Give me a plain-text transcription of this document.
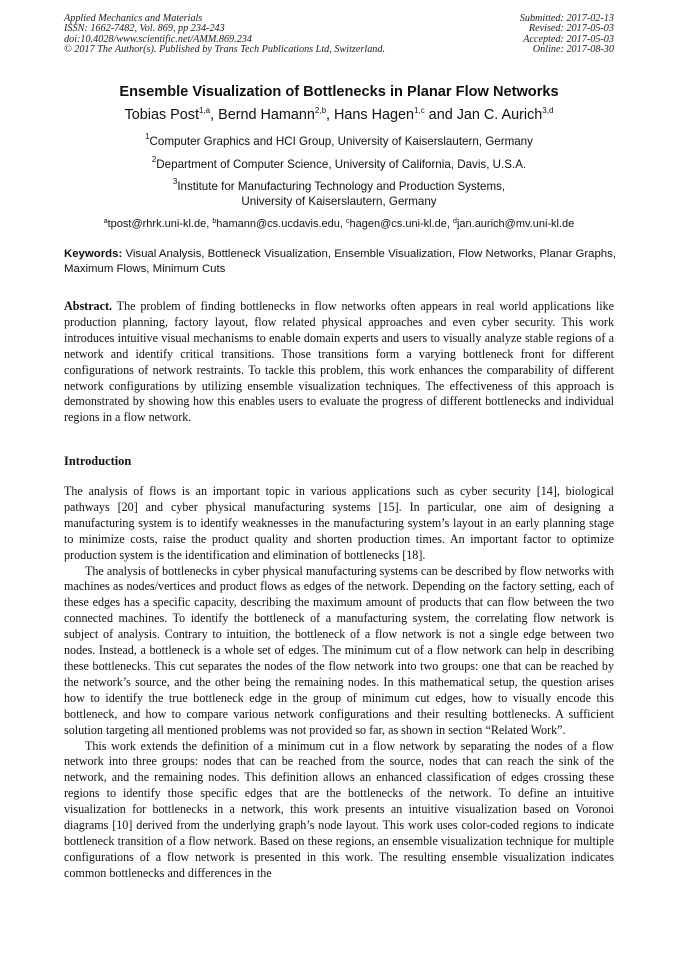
Applied Mechanics and Materials
ISSN: 1662-7482, Vol. 869, pp 234-243
doi:10.4028/www.scientific.net/AMM.869.234
© 2017 The Author(s). Published by Trans Tech Publications Ltd, Switzerland.
Submitted: 2017-02-13
Revised: 2017-05-03
Accepted: 2017-05-03
Online: 2017-08-30
Ensemble Visualization of Bottlenecks in Planar Flow Networks
Tobias Post$^{1,a}$, Bernd Hamann$^{2,b}$, Hans Hagen$^{1,c}$ and Jan C. Aurich$^{3,d}$
$^1$Computer Graphics and HCI Group, University of Kaiserslautern, Germany
$^2$Department of Computer Science, University of California, Davis, U.S.A.
$^3$Institute for Manufacturing Technology and Production Systems,
University of Kaiserslautern, Germany
$^a$tpost@rhrk.uni-kl.de, $^b$hamann@cs.ucdavis.edu, $^c$hagen@cs.uni-kl.de, $^d$jan.aurich@mv.uni-kl.de
Keywords: Visual Analysis, Bottleneck Visualization, Ensemble Visualization, Flow Networks, Planar Graphs, Maximum Flows, Minimum Cuts
Abstract. The problem of finding bottlenecks in flow networks often appears in real world applications like production planning, factory layout, flow related physical approaches and even cyber security. This work introduces intuitive visual mechanisms to enable domain experts and users to visually analyze stable regions of a network and identify critical transitions. Those transitions form a varying bottleneck front for different configurations of network restraints. To tackle this problem, this work enhances the comparability of different network configurations by utilizing ensemble visualization techniques. The effectiveness of this approach is demonstrated by showing how this enables users to evaluate the progress of different bottlenecks and individual regions in a flow network.
Introduction

The analysis of flows is an important topic in various applications such as cyber security [14], biological pathways [20] and cyber physical manufacturing systems [15]. In particular, one aim of designing a manufacturing system is to identify weaknesses in the manufacturing system’s layout in an early planning stage to minimize costs, raise the product quality and shorten production times. An important factor to optimize production system is the identification and elimination of bottlenecks [18].

The analysis of bottlenecks in cyber physical manufacturing systems can be described by flow networks with machines as nodes/vertices and product flows as edges of the network. Depending on the factory setting, each of these edges has a specific capacity, describing the maximum amount of products that can flow between the two connected machines. To identify the bottleneck of a manufacturing system, the correlating flow network is subject of analysis. Contrary to intuition, the bottleneck of a flow network is not a single edge between two nodes. Instead, a bottleneck is a whole set of edges. The minimum cut of a flow network can help in describing these bottlenecks. This cut separates the nodes of the flow network into two groups: one that can be reached by the network’s source, and the other being the remaining nodes. In this mathematical setup, the question arises how to identify the true bottleneck edge in the group of minimum cut edges, how to visually encode this bottleneck, and how to compare various network configurations and their resulting bottlenecks. A sufficient solution targeting all mentioned problems was not provided so far, as shown in section “Related Work”.

This work extends the definition of a minimum cut in a flow network by separating the nodes of a flow network into three groups: nodes that can be reached from the source, nodes that can reach the sink of the network, and the remaining nodes. This definition allows an enhanced classification of edges crossing these regions to identify those specific edges that are the bottlenecks of the network. To define an intuitive visualization for bottlenecks in a network, this work presents an intuitive visualization based on Voronoi diagrams [10] derived from the underlying graph’s node layout. This work uses color-coded regions to indicate bottleneck transition of a flow network. Based on these regions, an ensemble visualization technique for multiple configurations of a flow network is presented in this work. The resulting ensemble visualization indicates common bottlenecks and differences in the
